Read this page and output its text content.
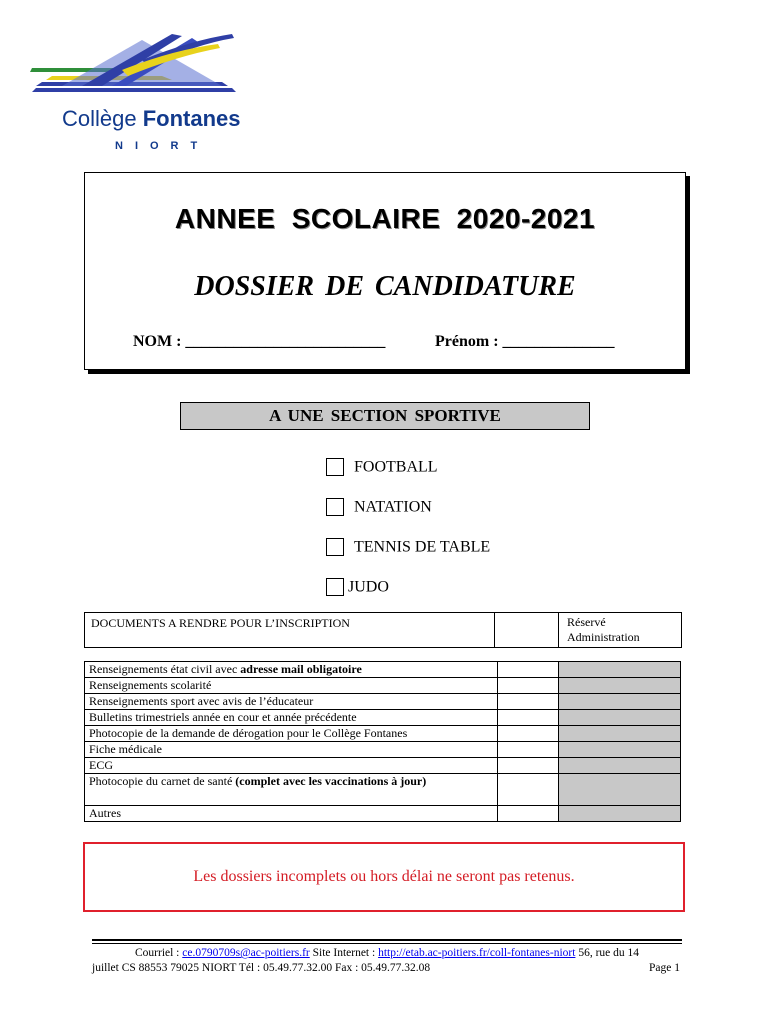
Collège Fontanes
NIORT
ANNEE SCOLAIRE 2020-2021
DOSSIER DE CANDIDATURE
NOM : _________________________	Prénom : ______________
A UNE SECTION SPORTIVE
FOOTBALL
NATATION
TENNIS DE TABLE
JUDO
DOCUMENTS A RENDRE POUR L’INSCRIPTION	Réservé
Administration
Renseignements état civil avec adresse mail obligatoire		
Renseignements scolarité		
Renseignements sport avec avis de l’éducateur		
Bulletins trimestriels année en cour et année précédente		
Photocopie de la demande de dérogation pour le Collège Fontanes		
Fiche médicale		
ECG		
Photocopie du carnet de santé (complet avec les vaccinations à jour)		
Autres		
Les dossiers incomplets ou hors délai ne seront pas retenus.
Courriel : ce.0790709s@ac-poitiers.fr Site Internet : http://etab.ac-poitiers.fr/coll-fontanes-niort 56, rue du 14
juillet CS 88553 79025 NIORT Tél : 05.49.77.32.00 Fax : 05.49.77.32.08	Page 1
